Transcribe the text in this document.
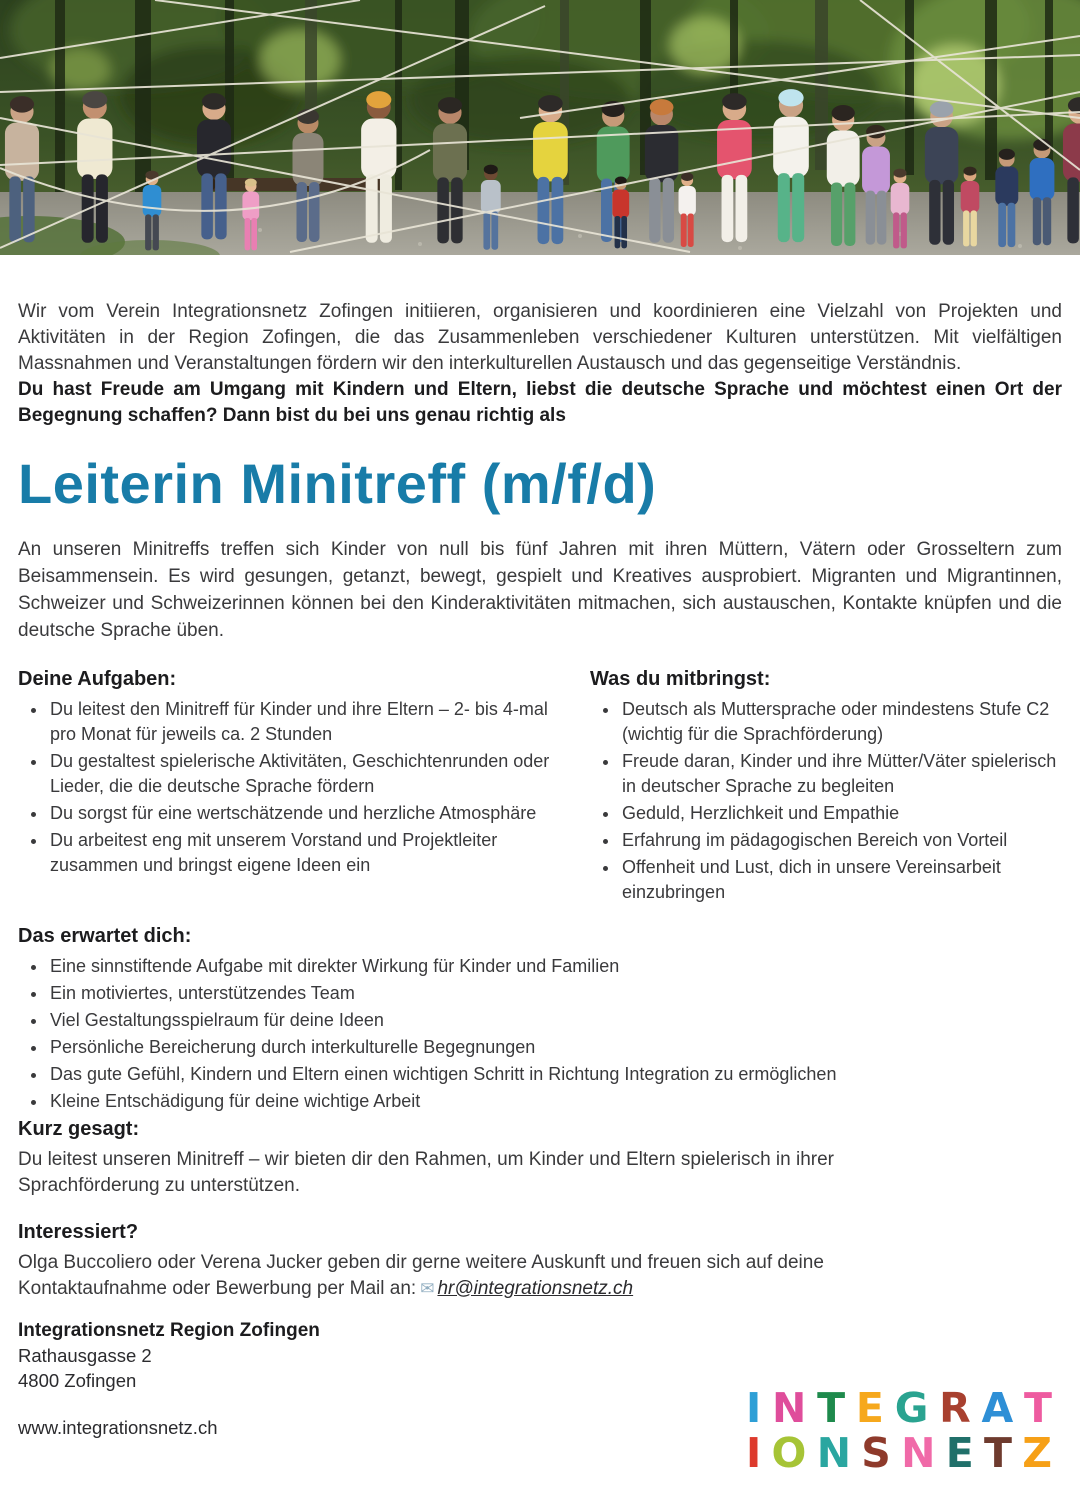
Wir vom Verein Integrationsnetz Zofingen initiieren, organisieren und koordinieren eine Vielzahl von Projekten und Aktivitäten in der Region Zofingen, die das Zusammenleben verschiedener Kulturen unterstützen. Mit vielfältigen Massnahmen und Veranstaltungen fördern wir den interkulturellen Austausch und das gegenseitige Verständnis.

Du hast Freude am Umgang mit Kindern und Eltern, liebst die deutsche Sprache und möchtest einen Ort der Begegnung schaffen? Dann bist du bei uns genau richtig als

Leiterin Minitreff (m/f/d)

An unseren Minitreffs treffen sich Kinder von null bis fünf Jahren mit ihren Müttern, Vätern oder Grosseltern zum Beisammensein. Es wird gesungen, getanzt, bewegt, gespielt und Kreatives ausprobiert. Migranten und Migrantinnen, Schweizer und Schweizerinnen können bei den Kinderaktivitäten mitmachen, sich austauschen, Kontakte knüpfen und die deutsche Sprache üben.

Deine Aufgaben:
• Du leitest den Minitreff für Kinder und ihre Eltern – 2- bis 4-mal pro Monat für jeweils ca. 2 Stunden
• Du gestaltest spielerische Aktivitäten, Geschichtenrunden oder Lieder, die die deutsche Sprache fördern
• Du sorgst für eine wertschätzende und herzliche Atmosphäre
• Du arbeitest eng mit unserem Vorstand und Projektleiter zusammen und bringst eigene Ideen ein
Was du mitbringst:
• Deutsch als Muttersprache oder mindestens Stufe C2 (wichtig für die Sprachförderung)
• Freude daran, Kinder und ihre Mütter/Väter spielerisch in deutscher Sprache zu begleiten
• Geduld, Herzlichkeit und Empathie
• Erfahrung im pädagogischen Bereich von Vorteil
• Offenheit und Lust, dich in unsere Vereinsarbeit einzubringen
Das erwartet dich:
• Eine sinnstiftende Aufgabe mit direkter Wirkung für Kinder und Familien
• Ein motiviertes, unterstützendes Team
• Viel Gestaltungsspielraum für deine Ideen
• Persönliche Bereicherung durch interkulturelle Begegnungen
• Das gute Gefühl, Kindern und Eltern einen wichtigen Schritt in Richtung Integration zu ermöglichen
• Kleine Entschädigung für deine wichtige Arbeit
Kurz gesagt:

Du leitest unseren Minitreff – wir bieten dir den Rahmen, um Kinder und Eltern spielerisch in ihrer Sprachförderung zu unterstützen.

Interessiert?

Olga Buccoliero oder Verena Jucker geben dir gerne weitere Auskunft und freuen sich auf deine Kontaktaufnahme oder Bewerbung per Mail an: ✉ hr@integrationsnetz.ch

Integrationsnetz Region Zofingen
Rathausgasse 2
4800 Zofingen
www.integrationsnetz.ch	I N T E G R A T
I O N S N E T Z
